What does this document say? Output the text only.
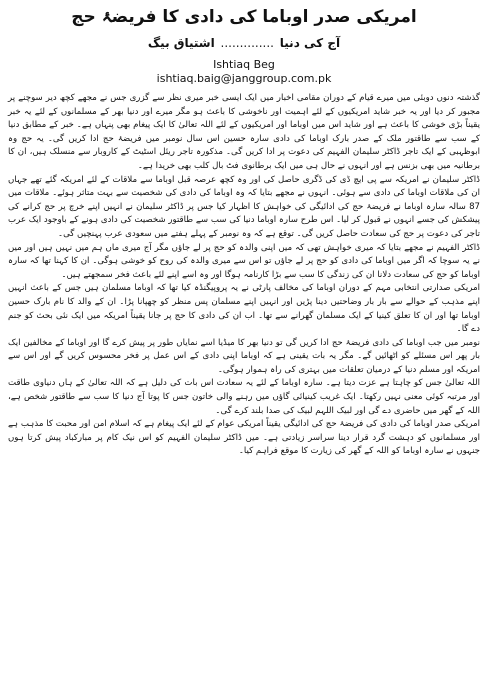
امریکی صدر اوباما کی دادی کا فریضۂ حج
آج کی دنیا .............. اشتیاق بیگ
Ishtiaq Beg
ishtiaq.baig@janggroup.com.pk

گذشتہ دنوں دوبئی میں میرے قیام کے دوران مقامی اخبار میں ایک ایسی خبر میری نظر سے گزری جس نے مجھے کچھ دیر سوچنے پر مجبور کر دیا اور یہ خبر شاید امریکیوں کے لئے اہمیت اور ناخوشی کا باعث ہو مگر میرے اور دنیا بھر کے مسلمانوں کے لئے یہ خبر یقیناً بڑی خوشی کا باعث ہے اور شاید اس میں اوباما اور امریکیوں کے لئے اللہ تعالیٰ کا ایک پیغام بھی پنہاں ہے۔ خبر کے مطابق دنیا کے سب سے طاقتور ملک کے صدر بارک اوباما کی دادی سارہ حسین اس سال نومبر میں فریضۂ حج ادا کریں گی۔ یہ حج وہ ابوظہبی کے ایک تاجر ڈاکٹر سلیمان الفہیم کی دعوت پر ادا کریں گی۔ مذکورہ تاجر ریئل اسٹیٹ کے کاروبار سے منسلک ہیں، ان کا برطانیہ میں بھی بزنس ہے اور انہوں نے حال ہی میں ایک برطانوی فٹ بال کلب بھی خریدا ہے۔

ڈاکٹر سلیمان نے امریکہ سے پی ایچ ڈی کی ڈگری حاصل کی اور وہ کچھ عرصہ قبل اوباما سے ملاقات کے لئے امریکہ گئے تھے جہاں ان کی ملاقات اوباما کی دادی سے ہوئی۔ انہوں نے مجھے بتایا کہ وہ اوباما کی دادی کی شخصیت سے بہت متاثر ہوئے۔ ملاقات میں 87 سالہ سارہ اوباما نے فریضۂ حج کی ادائیگی کی خواہش کا اظہار کیا جس پر ڈاکٹر سلیمان نے انہیں اپنے خرچ پر حج کرانے کی پیشکش کی جسے انہوں نے قبول کر لیا۔ اس طرح سارہ اوباما دنیا کی سب سے طاقتور شخصیت کی دادی ہونے کے باوجود ایک عرب تاجر کی دعوت پر حج کی سعادت حاصل کریں گی۔ توقع ہے کہ وہ نومبر کے پہلے ہفتے میں سعودی عرب پہنچیں گی۔

ڈاکٹر الفہیم نے مجھے بتایا کہ میری خواہش تھی کہ میں اپنی والدہ کو حج پر لے جاؤں مگر آج میری ماں ہم میں نہیں ہیں اور میں نے یہ سوچا کہ اگر میں اوباما کی دادی کو حج پر لے جاؤں تو اس سے میری والدہ کی روح کو خوشی ہوگی۔ ان کا کہنا تھا کہ سارہ اوباما کو حج کی سعادت دلانا ان کی زندگی کا سب سے بڑا کارنامہ ہوگا اور وہ اسے اپنے لئے باعث فخر سمجھتے ہیں۔

امریکی صدارتی انتخابی مہم کے دوران اوباما کی مخالف پارٹی نے یہ پروپیگنڈہ کیا تھا کہ اوباما مسلمان ہیں جس کے باعث انہیں اپنے مذہب کے حوالے سے بار بار وضاحتیں دینا پڑیں اور انہیں اپنے مسلمان پس منظر کو چھپانا پڑا۔ ان کے والد کا نام بارک حسین اوباما تھا اور ان کا تعلق کینیا کے ایک مسلمان گھرانے سے تھا۔ اب ان کی دادی کا حج پر جانا یقیناً امریکہ میں ایک نئی بحث کو جنم دے گا۔

نومبر میں جب اوباما کی دادی فریضۂ حج ادا کریں گی تو دنیا بھر کا میڈیا اسے نمایاں طور پر پیش کرے گا اور اوباما کے مخالفین ایک بار پھر اس مسئلے کو اٹھائیں گے۔ مگر یہ بات یقینی ہے کہ اوباما اپنی دادی کے اس عمل پر فخر محسوس کریں گے اور اس سے امریکہ اور مسلم دنیا کے درمیان تعلقات میں بہتری کی راہ ہموار ہوگی۔

اللہ تعالیٰ جس کو چاہتا ہے عزت دیتا ہے۔ سارہ اوباما کے لئے یہ سعادت اس بات کی دلیل ہے کہ اللہ تعالیٰ کے ہاں دنیاوی طاقت اور مرتبہ کوئی معنی نہیں رکھتا۔ ایک غریب کینیائی گاؤں میں رہنے والی خاتون جس کا پوتا آج دنیا کا سب سے طاقتور شخص ہے، اللہ کے گھر میں حاضری دے گی اور لبیک اللہم لبیک کی صدا بلند کرے گی۔

امریکی صدر اوباما کی دادی کی فریضۂ حج کی ادائیگی یقیناً امریکی عوام کے لئے ایک پیغام ہے کہ اسلام امن اور محبت کا مذہب ہے اور مسلمانوں کو دہشت گرد قرار دینا سراسر زیادتی ہے۔ میں ڈاکٹر سلیمان الفہیم کو اس نیک کام پر مبارکباد پیش کرتا ہوں جنہوں نے سارہ اوباما کو اللہ کے گھر کی زیارت کا موقع فراہم کیا۔
